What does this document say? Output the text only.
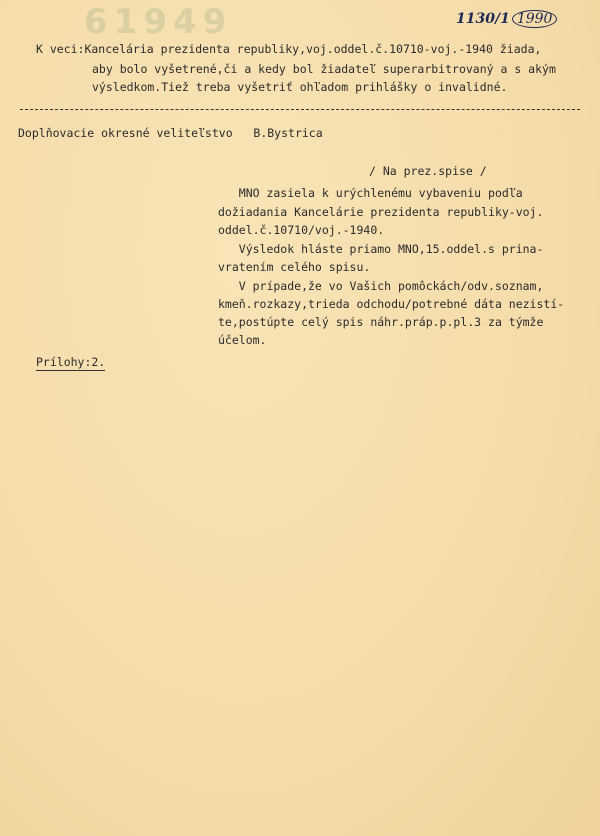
61949	1130/1 1990
K veci:Kancelária prezidenta republiky,voj.oddel.č.10710-voj.-1940 žiada,
aby bolo vyšetrené,či a kedy bol žiadateľ superarbitrovaný a s akým
výsledkom.Tiež treba vyšetriť ohľadom prihlášky o invalidné.
Doplňovacie okresné veliteľstvo   B.Bystrica
/ Na prez.spise /
MNO zasiela k urýchlenému vybaveniu podľa
dožiadania Kancelárie prezidenta republiky-voj.
oddel.č.10710/voj.-1940.
Výsledok hláste priamo MNO,15.oddel.s prina-
vratením celého spisu.
V prípade,že vo Vašich pomôckách/odv.soznam,
kmeň.rozkazy,trieda odchodu/potrebné dáta nezistí-
te,postúpte celý spis náhr.práp.p.pl.3 za týmže
účelom.
Prílohy:2.
